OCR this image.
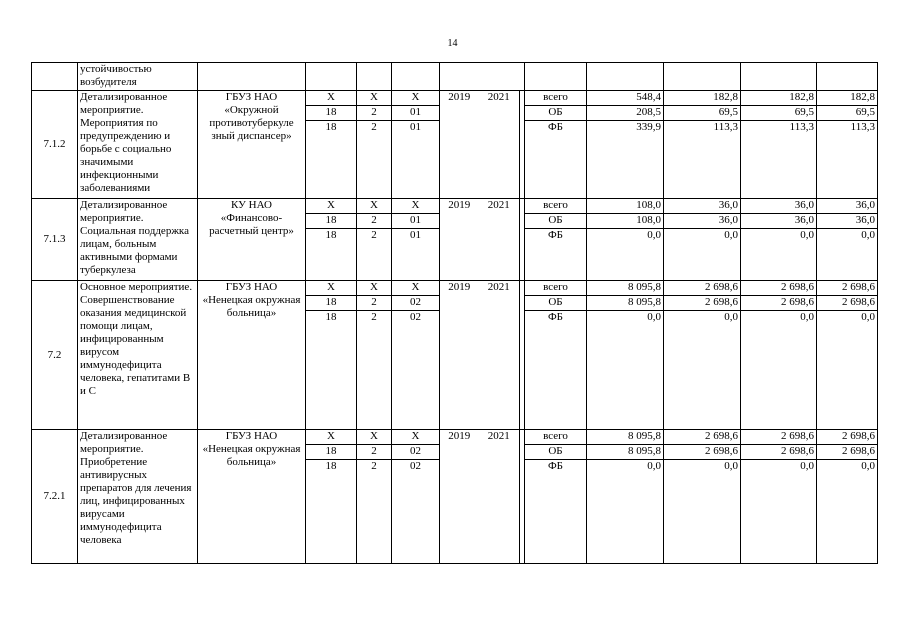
14
	устойчивостью возбудителя												
7.1.2	Детализированное мероприятие. Мероприятия по предупреждению и борьбе с социально значимыми инфекционными заболеваниями	ГБУЗ НАО «Окружной противотуберкуле зный диспансер»	Х	Х	Х	2019	2021		всего	548,4	182,8	182,8	182,8
			18	2	01				ОБ	208,5	69,5	69,5	69,5
			18	2	01				ФБ	339,9	113,3	113,3	113,3
7.1.3	Детализированное мероприятие. Социальная поддержка лицам, больным активными формами туберкулеза	КУ НАО «Финансово-расчетный центр»	Х	Х	Х	2019	2021		всего	108,0	36,0	36,0	36,0
			18	2	01				ОБ	108,0	36,0	36,0	36,0
			18	2	01				ФБ	0,0	0,0	0,0	0,0
7.2	Основное мероприятие. Совершенствование оказания медицинской помощи лицам, инфицированным вирусом иммунодефицита человека, гепатитами В и С	ГБУЗ НАО «Ненецкая окружная больница»	Х	Х	Х	2019	2021		всего	8 095,8	2 698,6	2 698,6	2 698,6
			18	2	02				ОБ	8 095,8	2 698,6	2 698,6	2 698,6
			18	2	02				ФБ	0,0	0,0	0,0	0,0
7.2.1	Детализированное мероприятие. Приобретение антивирусных препаратов для лечения лиц, инфицированных вирусами иммунодефицита человека	ГБУЗ НАО «Ненецкая окружная больница»	Х	Х	Х	2019	2021		всего	8 095,8	2 698,6	2 698,6	2 698,6
			18	2	02				ОБ	8 095,8	2 698,6	2 698,6	2 698,6
			18	2	02				ФБ	0,0	0,0	0,0	0,0
